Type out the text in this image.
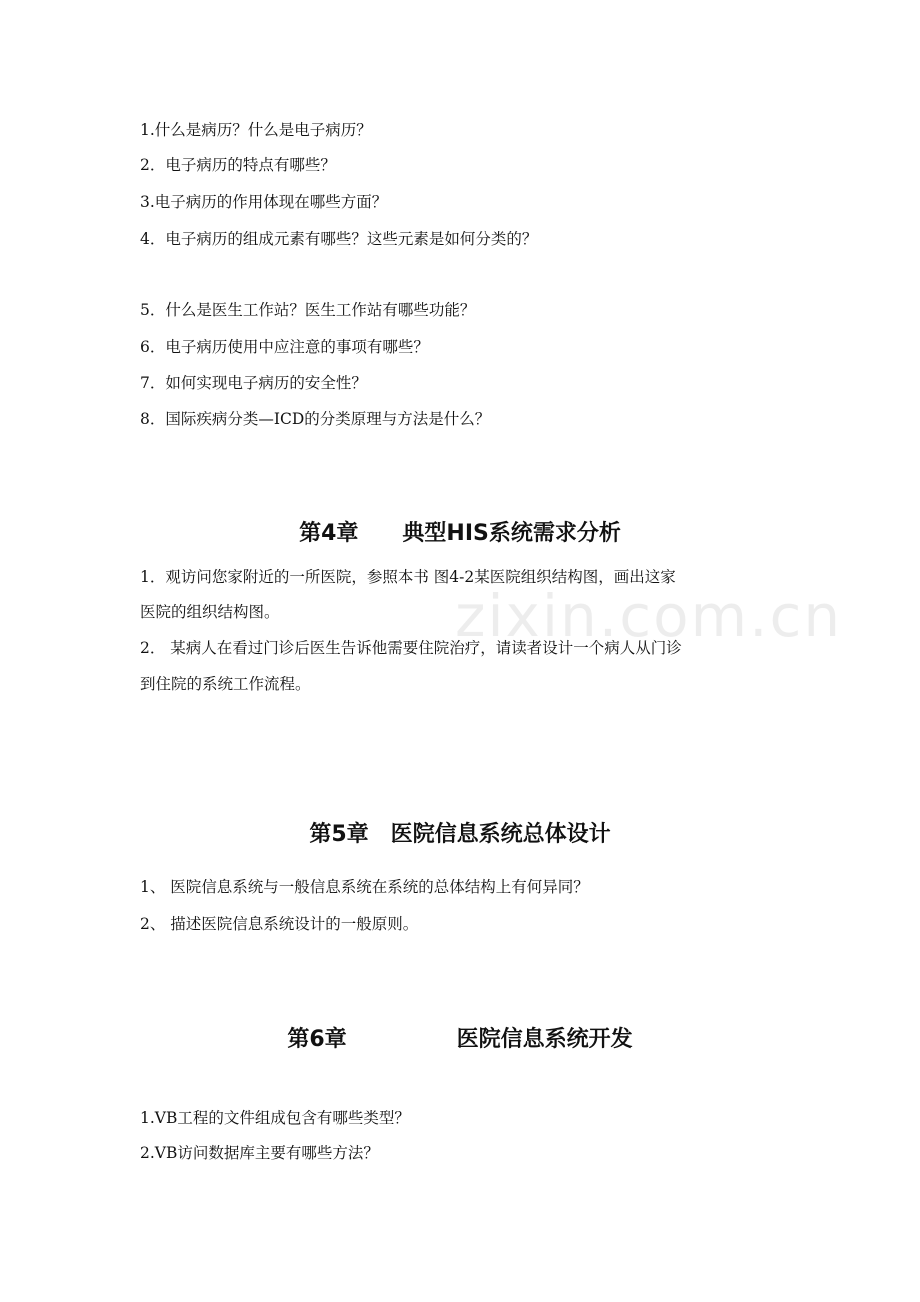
zixin.com.cn
1.什么是病历？什么是电子病历？
2．电子病历的特点有哪些？
3.电子病历的作用体现在哪些方面？
4．电子病历的组成元素有哪些？这些元素是如何分类的？
5．什么是医生工作站？医生工作站有哪些功能？
6．电子病历使用中应注意的事项有哪些？
7．如何实现电子病历的安全性？
8．国际疾病分类—ICD的分类原理与方法是什么？
第4章　　典型HIS系统需求分析
1．观访问您家附近的一所医院，参照本书 图4-2某医院组织结构图，画出这家
医院的组织结构图。
2． 某病人在看过门诊后医生告诉他需要住院治疗，请读者设计一个病人从门诊
到住院的系统工作流程。
第5章　医院信息系统总体设计
1、 医院信息系统与一般信息系统在系统的总体结构上有何异同？
2、 描述医院信息系统设计的一般原则。
第6章　　　　　医院信息系统开发
1.VB工程的文件组成包含有哪些类型？
2.VB访问数据库主要有哪些方法？
